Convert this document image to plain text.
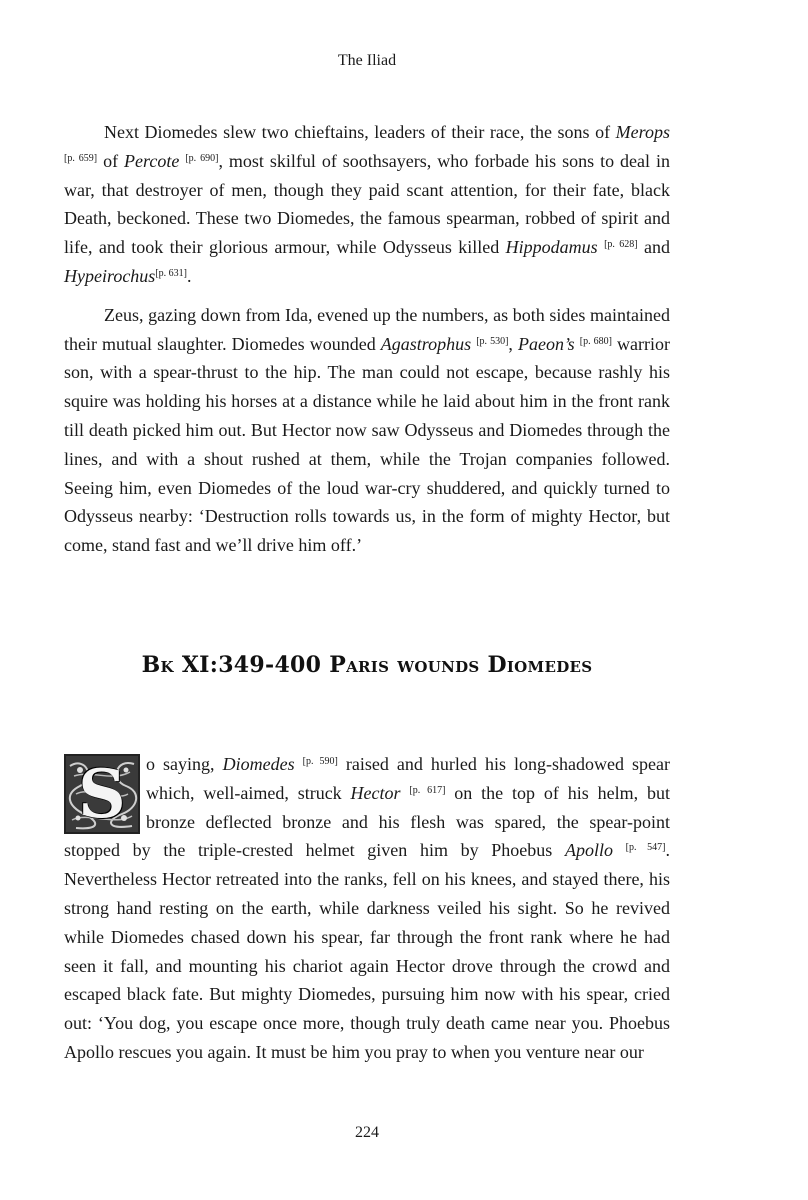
The Iliad

Next Diomedes slew two chieftains, leaders of their race, the sons of Merops [p. 659] of Percote [p. 690], most skilful of soothsayers, who forbade his sons to deal in war, that destroyer of men, though they paid scant attention, for their fate, black Death, beckoned. These two Diomedes, the famous spearman, robbed of spirit and life, and took their glorious armour, while Odysseus killed Hippodamus [p. 628] and Hypeirochus[p. 631].

Zeus, gazing down from Ida, evened up the numbers, as both sides maintained their mutual slaughter. Diomedes wounded Agastrophus [p. 530], Paeon’s [p. 680] warrior son, with a spear-thrust to the hip. The man could not escape, because rashly his squire was holding his horses at a distance while he laid about him in the front rank till death picked him out. But Hector now saw Odysseus and Diomedes through the lines, and with a shout rushed at them, while the Trojan companies followed. Seeing him, even Diomedes of the loud war-cry shuddered, and quickly turned to Odysseus nearby: ‘Destruction rolls towards us, in the form of mighty Hector, but come, stand fast and we’ll drive him off.’

Bk XI:349-400 Paris wounds Diomedes

S	o saying, Diomedes [p. 590] raised and hurled his long-shadowed spear which, well-aimed, struck Hector [p. 617] on the top of his helm, but bronze deflected bronze and his flesh was spared, the spear-point stopped by the triple-crested helmet given him by Phoebus Apollo [p. 547]. Nevertheless Hector retreated into the ranks, fell on his knees, and stayed there, his strong hand resting on the earth, while darkness veiled his sight. So he revived while Diomedes chased down his spear, far through the front rank where he had seen it fall, and mounting his chariot again Hector drove through the crowd and escaped black fate. But mighty Diomedes, pursuing him now with his spear, cried out: ‘You dog, you escape once more, though truly death came near you. Phoebus Apollo rescues you again. It must be him you pray to when you venture near our

224
